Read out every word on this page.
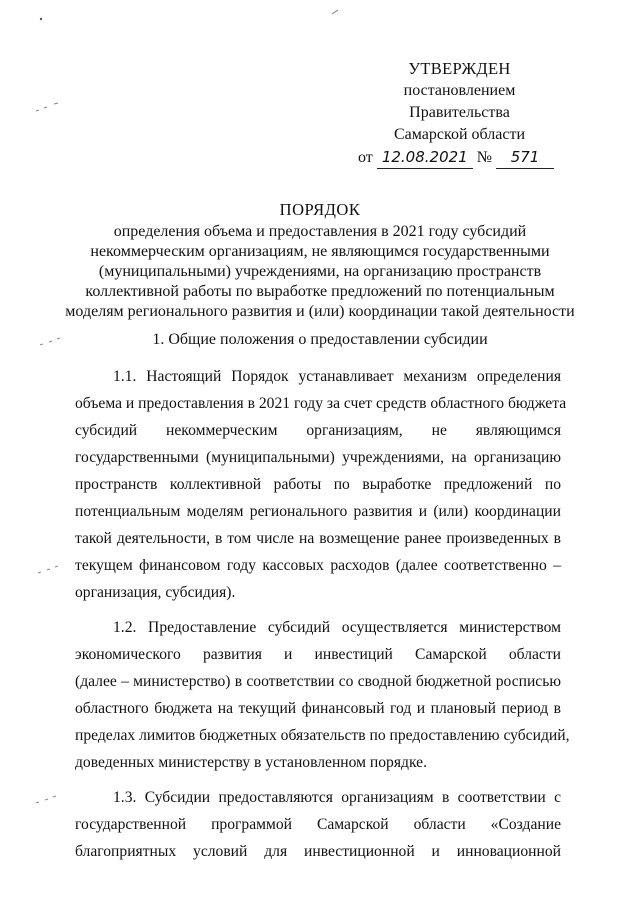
УТВЕРЖДЕН
постановлением Правительства
Самарской области
от 12.08.2021 № 571
ПОРЯДОК
определения объема и предоставления в 2021 году субсидий
некоммерческим организациям, не являющимся государственными
(муниципальными) учреждениями, на организацию пространств
коллективной работы по выработке предложений по потенциальным
моделям регионального развития и (или) координации такой деятельности
1. Общие положения о предоставлении субсидии
1.1. Настоящий Порядок устанавливает механизм определения
объема и предоставления в 2021 году за счет средств областного бюджета
субсидий некоммерческим организациям, не являющимся
государственными (муниципальными) учреждениями, на организацию
пространств коллективной работы по выработке предложений по
потенциальным моделям регионального развития и (или) координации
такой деятельности, в том числе на возмещение ранее произведенных в
текущем финансовом году кассовых расходов (далее соответственно –
организация, субсидия).
1.2. Предоставление субсидий осуществляется министерством
экономического развития и инвестиций Самарской области
(далее – министерство) в соответствии со сводной бюджетной росписью
областного бюджета на текущий финансовый год и плановый период в
пределах лимитов бюджетных обязательств по предоставлению субсидий,
доведенных министерству в установленном порядке.
1.3. Субсидии предоставляются организациям в соответствии с
государственной программой Самарской области «Создание
благоприятных условий для инвестиционной и инновационной
